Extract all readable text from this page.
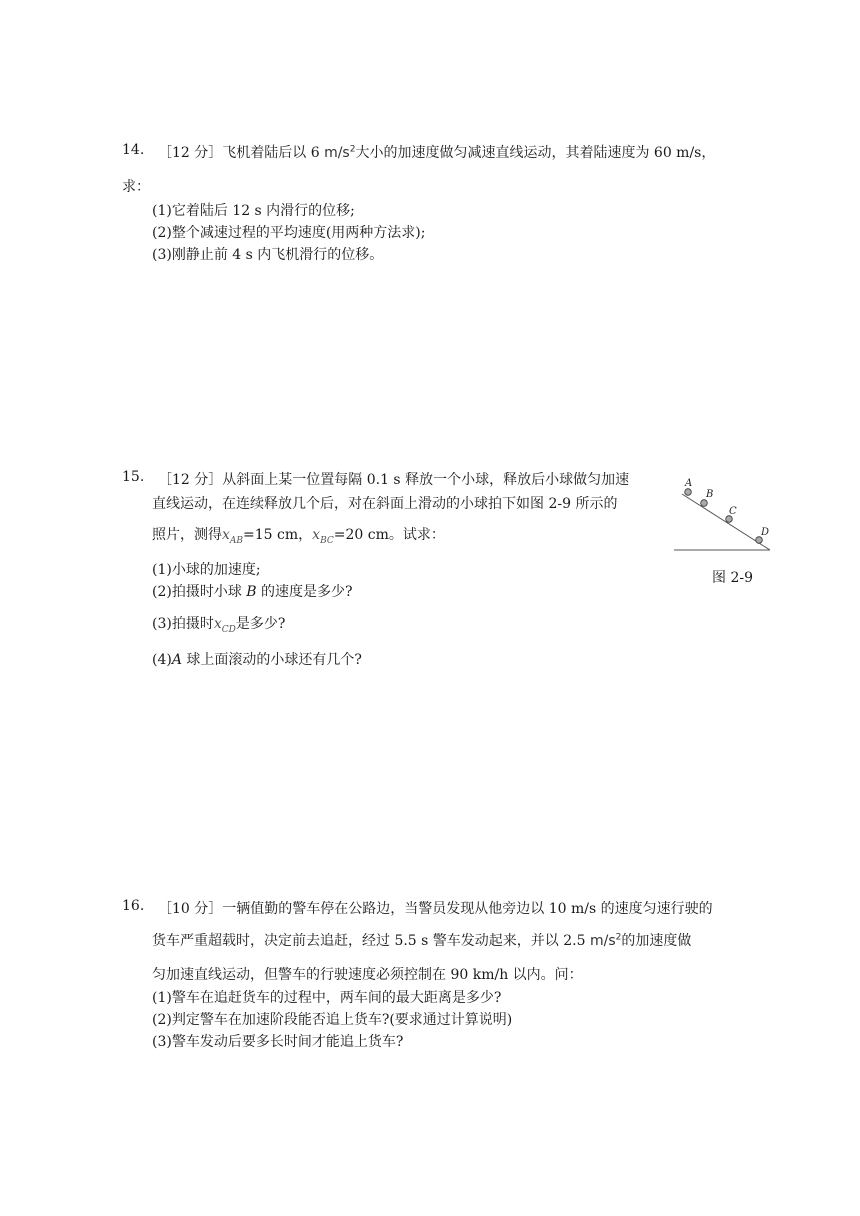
14. ［12 分］飞机着陆后以 6 $m/s^2$大小的加速度做匀减速直线运动，其着陆速度为 60 m/s，
求：
(1)它着陆后 12 s 内滑行的位移;
(2)整个减速过程的平均速度(用两种方法求);
(3)刚静止前 4 s 内飞机滑行的位移。
15. ［12 分］从斜面上某一位置每隔 0.1 s 释放一个小球，释放后小球做匀加速
直线运动，在连续释放几个后，对在斜面上滑动的小球拍下如图 2-9 所示的
照片，测得$x_{AB}=15$ cm，$x_{BC}=20$ cm。试求：
(1)小球的加速度;
(2)拍摄时小球 B 的速度是多少?
(3)拍摄时$x_{CD}$是多少?
(4)A 球上面滚动的小球还有几个?
A
B
C
D
图 2-9
16. ［10 分］一辆值勤的警车停在公路边，当警员发现从他旁边以 10 m/s 的速度匀速行驶的
货车严重超载时，决定前去追赶，经过 5.5 s 警车发动起来，并以 2.5 $m/s^2$的加速度做
匀加速直线运动，但警车的行驶速度必须控制在 90 km/h 以内。问：
(1)警车在追赶货车的过程中，两车间的最大距离是多少?
(2)判定警车在加速阶段能否追上货车?(要求通过计算说明)
(3)警车发动后要多长时间才能追上货车?
